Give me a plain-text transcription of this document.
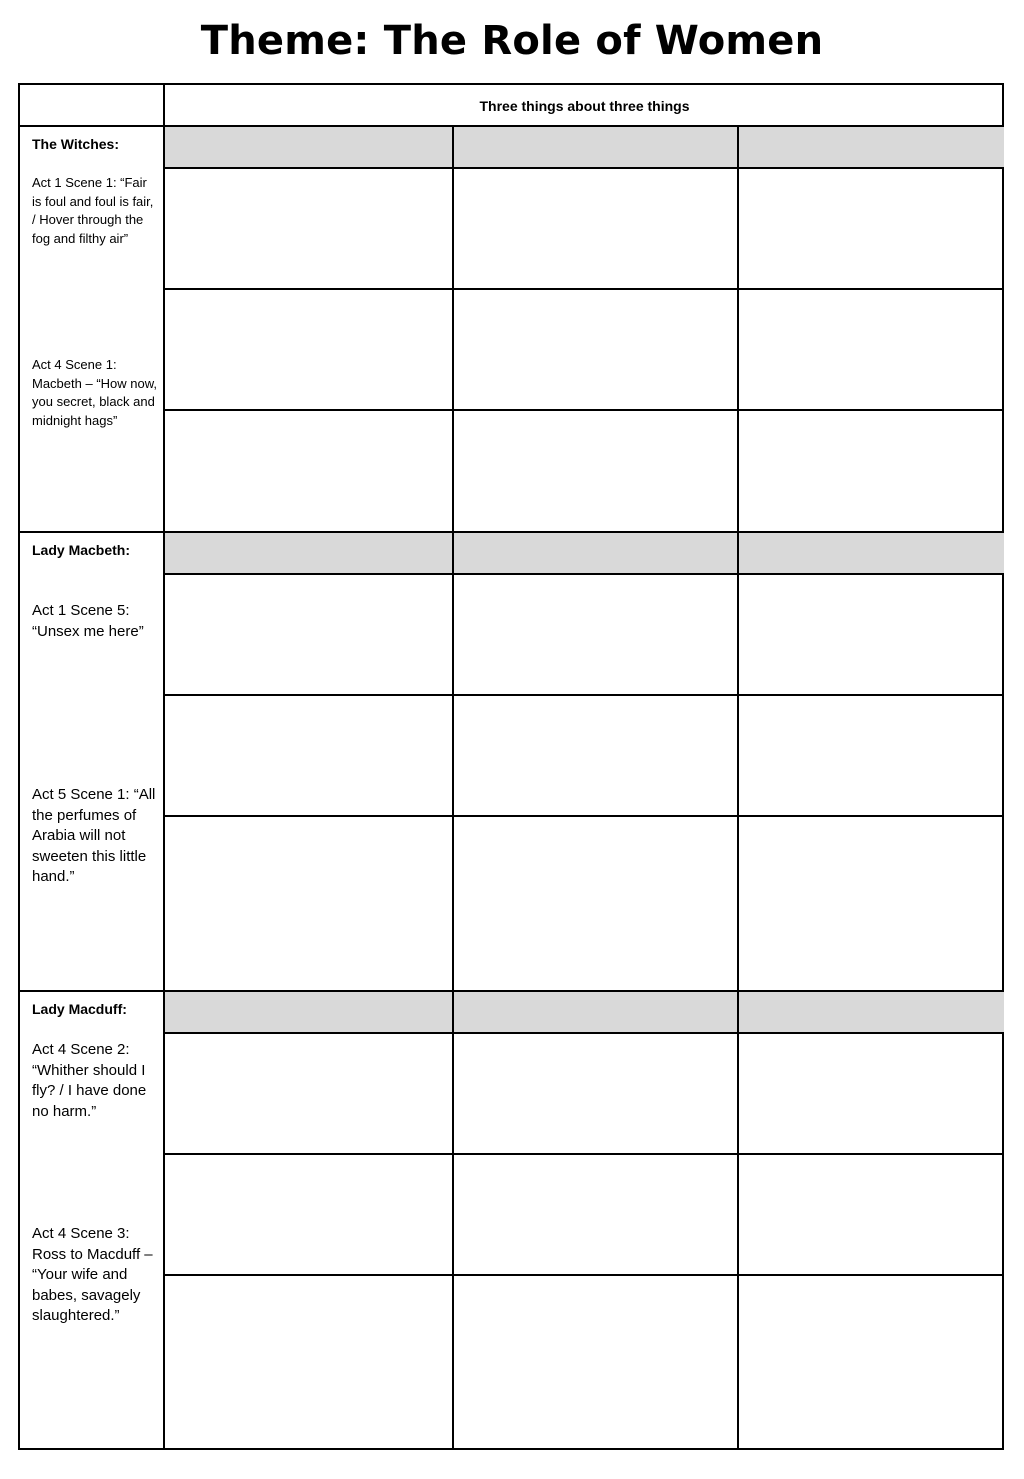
Theme: The Role of Women
Three things about three things
The Witches:
Act 1 Scene 1: “Fair is foul and foul is fair, / Hover through the fog and filthy air”
Act 4 Scene 1: Macbeth – “How now, you secret, black and midnight hags”
Lady Macbeth:
Act 1 Scene 5: “Unsex me here”
Act 5 Scene 1: “All the perfumes of Arabia will not sweeten this little hand.”
Lady Macduff:
Act 4 Scene 2: “Whither should I fly? / I have done no harm.”
Act 4 Scene 3: Ross to Macduff – “Your wife and babes, savagely slaughtered.”
